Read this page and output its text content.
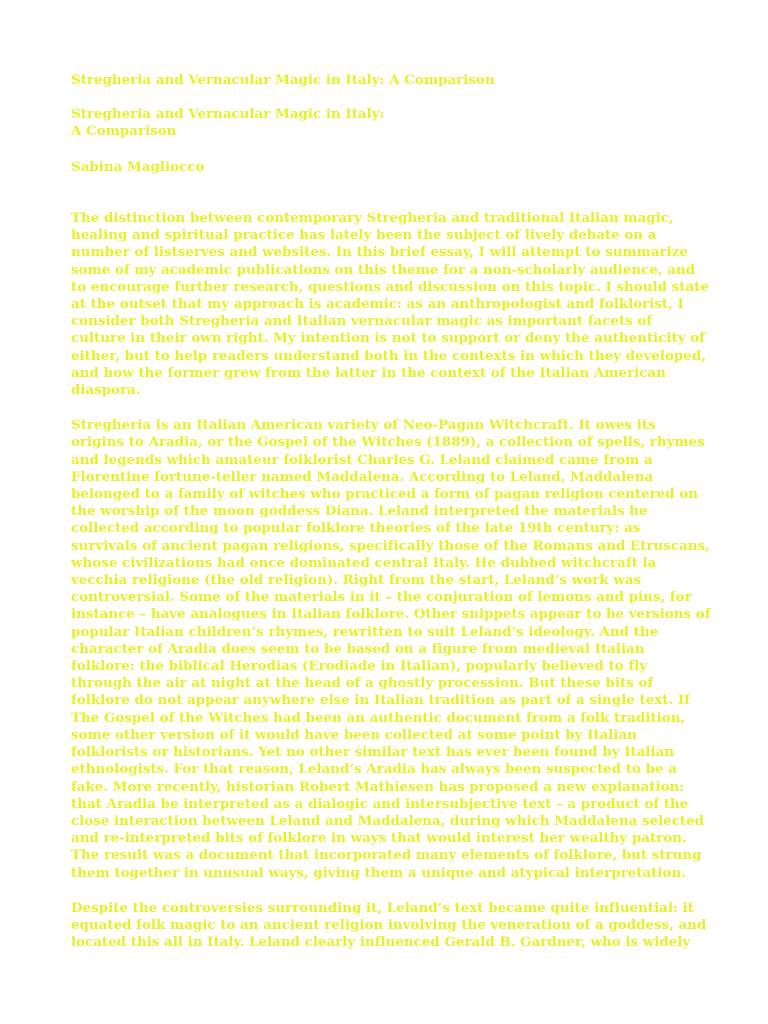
Stregheria and Vernacular Magic in Italy: A Comparison
Stregheria and Vernacular Magic in Italy:
A Comparison
Sabina Magliocco

The distinction between contemporary Stregheria and traditional Italian magic, healing and spiritual practice has lately been the subject of lively debate on a number of listserves and websites. In this brief essay, I will attempt to summarize some of my academic publications on this theme for a non-scholarly audience, and to encourage further research, questions and discussion on this topic. I should state at the outset that my approach is academic: as an anthropologist and folklorist, I consider both Stregheria and Italian vernacular magic as important facets of culture in their own right. My intention is not to support or deny the authenticity of either, but to help readers understand both in the contexts in which they developed, and how the former grew from the latter in the context of the Italian American diaspora.

Stregheria is an Italian American variety of Neo-Pagan Witchcraft. It owes its origins to Aradia, or the Gospel of the Witches (1889), a collection of spells, rhymes and legends which amateur folklorist Charles G. Leland claimed came from a Florentine fortune-teller named Maddalena. According to Leland, Maddalena belonged to a family of witches who practiced a form of pagan religion centered on the worship of the moon goddess Diana. Leland interpreted the materials he collected according to popular folklore theories of the late 19th century: as survivals of ancient pagan religions, specifically those of the Romans and Etruscans, whose civilizations had once dominated central Italy. He dubbed witchcraft la vecchia religione (the old religion). Right from the start, Leland’s work was controversial. Some of the materials in it – the conjuration of lemons and pins, for instance – have analogues in Italian folklore. Other snippets appear to be versions of popular Italian children’s rhymes, rewritten to suit Leland’s ideology. And the character of Aradia does seem to be based on a figure from medieval Italian folklore: the biblical Herodias (Erodiade in Italian), popularly believed to fly through the air at night at the head of a ghostly procession. But these bits of folklore do not appear anywhere else in Italian tradition as part of a single text. If The Gospel of the Witches had been an authentic document from a folk tradition, some other version of it would have been collected at some point by Italian folklorists or historians. Yet no other similar text has ever been found by Italian ethnologists. For that reason, Leland’s Aradia has always been suspected to be a fake. More recently, historian Robert Mathiesen has proposed a new explanation: that Aradia be interpreted as a dialogic and intersubjective text – a product of the close interaction between Leland and Maddalena, during which Maddalena selected and re-interpreted bits of folklore in ways that would interest her wealthy patron. The result was a document that incorporated many elements of folklore, but strung them together in unusual ways, giving them a unique and atypical interpretation.

Despite the controversies surrounding it, Leland’s text became quite influential: it equated folk magic to an ancient religion involving the veneration of a goddess, and located this all in Italy. Leland clearly influenced Gerald B. Gardner, who is widely
